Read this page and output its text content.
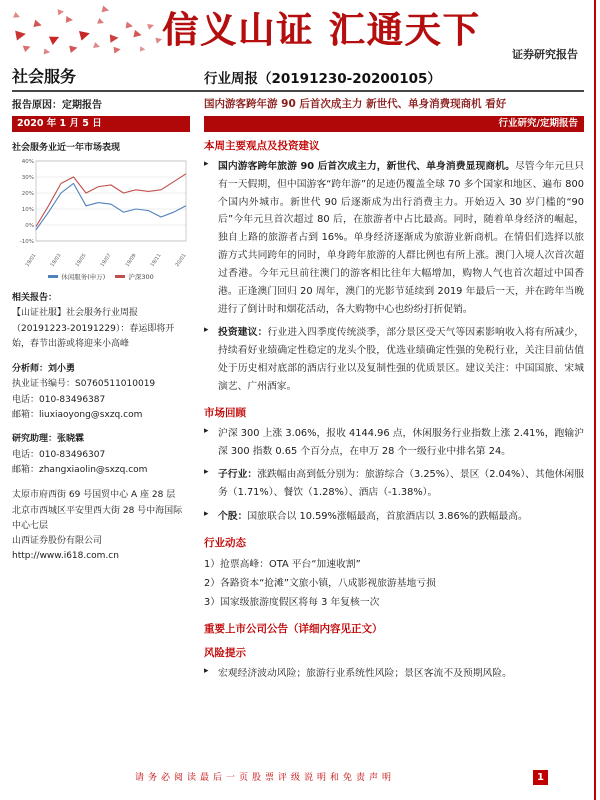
▶
▶
▶
▶
▶
▶
▶
▶
▶ ▶ ▶ ▶ ▶
▶
▶
▶	▶	▶
▶
▶
信义山证 汇通天下
证券研究报告
社会服务	行业周报（20191230-20200105）
报告原因：定期报告	国内游客跨年游 90 后首次成主力 新世代、单身消费现商机 看好
2020 年 1 月 5 日	行业研究/定期报告
社会服务业近一年市场表现
-10%
0%
10%
20%
30%
40%
19/01 19/03 19/05 19/07 19/09 19/11 20/01
休闲服务(申万)	沪深300
相关报告：
【山证社服】社会服务行业周报（20191223-20191229）：春运即将开始，春节出游或将迎来小高峰
分析师：刘小勇
执业证书编号：S0760511010019
电话：010-83496387
邮箱：liuxiaoyong@sxzq.com
研究助理：张晓霖
电话：010-83496307
邮箱：zhangxiaolin@sxzq.com
太原市府西街 69 号国贸中心 A 座 28 层
北京市西城区平安里西大街 28 号中海国际中心七层
山西证券股份有限公司
http://www.i618.com.cn
本周主要观点及投资建议
▸ 国内游客跨年旅游 90 后首次成主力，新世代、单身消费显现商机。尽管今年元旦只有一天假期，但中国游客“跨年游”的足迹仍覆盖全球 70 多个国家和地区、遍布 800 个国内外城市。新世代 90 后逐渐成为出行消费主力。开始迈入 30 岁门槛的“90 后”今年元旦首次超过 80 后，在旅游者中占比最高。同时，随着单身经济的崛起，独自上路的旅游者占到 16%。单身经济逐渐成为旅游业新商机。在情侣们选择以旅游方式共同跨年的同时，单身跨年旅游的人群比例也有所上涨。澳门入境人次首次超过香港。今年元旦前往澳门的游客相比往年大幅增加，购物人气也首次超过中国香港。正逢澳门回归 20 周年，澳门的光影节延续到 2019 年最后一天，并在跨年当晚进行了倒计时和烟花活动，各大购物中心也纷纷打折促销。
▸ 投资建议：行业进入四季度传统淡季，部分景区受天气等因素影响收入将有所减少，持续看好业绩确定性稳定的龙头个股，优选业绩确定性强的免税行业，关注目前估值处于历史相对底部的酒店行业以及复制性强的优质景区。建议关注：中国国旅、宋城演艺、广州酒家。
市场回顾
▸ 沪深 300 上涨 3.06%，报收 4144.96 点，休闲服务行业指数上涨 2.41%，跑输沪深 300 指数 0.65 个百分点，在申万 28 个一级行业中排名第 24。
▸ 子行业：涨跌幅由高到低分别为：旅游综合（3.25%）、景区（2.04%）、其他休闲服务（1.71%）、餐饮（1.28%）、酒店（-1.38%）。
▸ 个股：国旅联合以 10.59%涨幅最高，首旅酒店以 3.86%的跌幅最高。
行业动态
1）抢票高峰：OTA 平台“加速收割”
2）各路资本“抢滩”文旅小镇，八成影视旅游基地亏损
3）国家级旅游度假区将每 3 年复核一次
重要上市公司公告（详细内容见正文）
风险提示
▸ 宏观经济波动风险；旅游行业系统性风险；景区客流不及预期风险。
请务必阅读最后一页股票评级说明和免责声明	1
